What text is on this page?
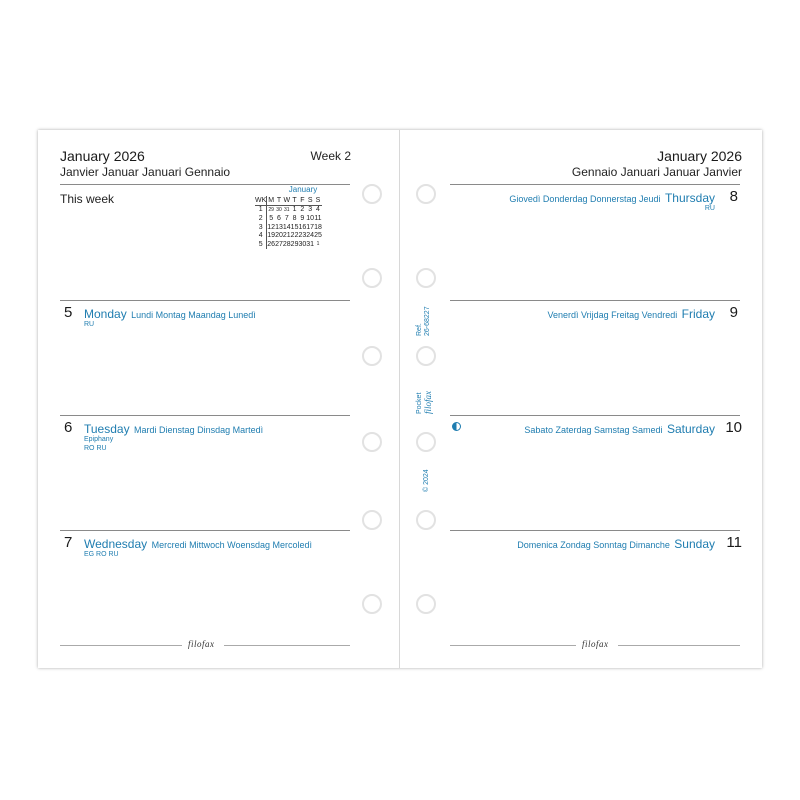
January 2026
Janvier Januar Januari Gennaio
Week 2
This week
January
WK	M	T	W	T	F	S	S
1	29	30	31	1	2	3	4
2	5	6	7	8	9	10	11
3	12	13	14	15	16	17	18
4	19	20	21	22	23	24	25
5	26	27	28	29	30	31	1
5 Monday Lundi Montag Maandag Lunedì
RU
6 Tuesday Mardi Dienstag Dinsdag Martedì
Epiphany
RO RU
7 Wednesday Mercredi Mittwoch Woensdag Mercoledì
EG RO RU
filofax
Ref. 26-68227
Pocket filofax
© 2024
January 2026
Gennaio Januari Januar Janvier
Giovedì Donderdag Donnerstag Jeudi Thursday 8
RU
Venerdì Vrijdag Freitag Vendredi Friday 9
Sabato Zaterdag Samstag Samedi Saturday 10
Domenica Zondag Sonntag Dimanche Sunday 11
filofax
